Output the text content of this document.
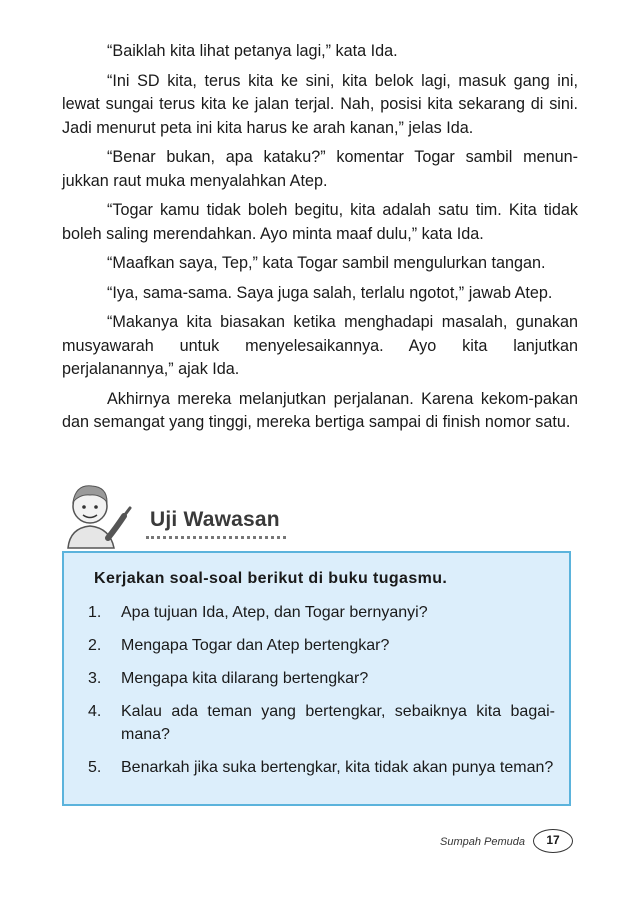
“Baiklah kita lihat petanya lagi,” kata Ida.

“Ini SD kita, terus kita ke sini, kita belok lagi, masuk gang ini, lewat sungai terus kita ke jalan terjal. Nah, posisi kita sekarang di sini. Jadi menurut peta ini kita harus ke arah kanan,” jelas Ida.

“Benar bukan, apa kataku?” komentar Togar sambil menun-jukkan raut muka menyalahkan Atep.

“Togar kamu tidak boleh begitu, kita adalah satu tim. Kita tidak boleh saling merendahkan. Ayo minta maaf dulu,” kata Ida.

“Maafkan saya, Tep,” kata Togar sambil mengulurkan tangan.

“Iya, sama-sama. Saya juga salah, terlalu ngotot,” jawab Atep.

“Makanya kita biasakan ketika menghadapi masalah, gunakan musyawarah untuk menyelesaikannya. Ayo kita lanjutkan perjalanannya,” ajak Ida.

Akhirnya mereka melanjutkan perjalanan. Karena kekom-pakan dan semangat yang tinggi, mereka bertiga sampai di finish nomor satu.

Uji Wawasan
Kerjakan soal-soal berikut di buku tugasmu.
1.	Apa tujuan Ida, Atep, dan Togar bernyanyi?
2.	Mengapa Togar dan Atep bertengkar?
3.	Mengapa kita dilarang bertengkar?
4.	Kalau ada teman yang bertengkar, sebaiknya kita bagai-mana?
5.	Benarkah jika suka bertengkar, kita tidak akan punya teman?
Sumpah Pemuda	17
